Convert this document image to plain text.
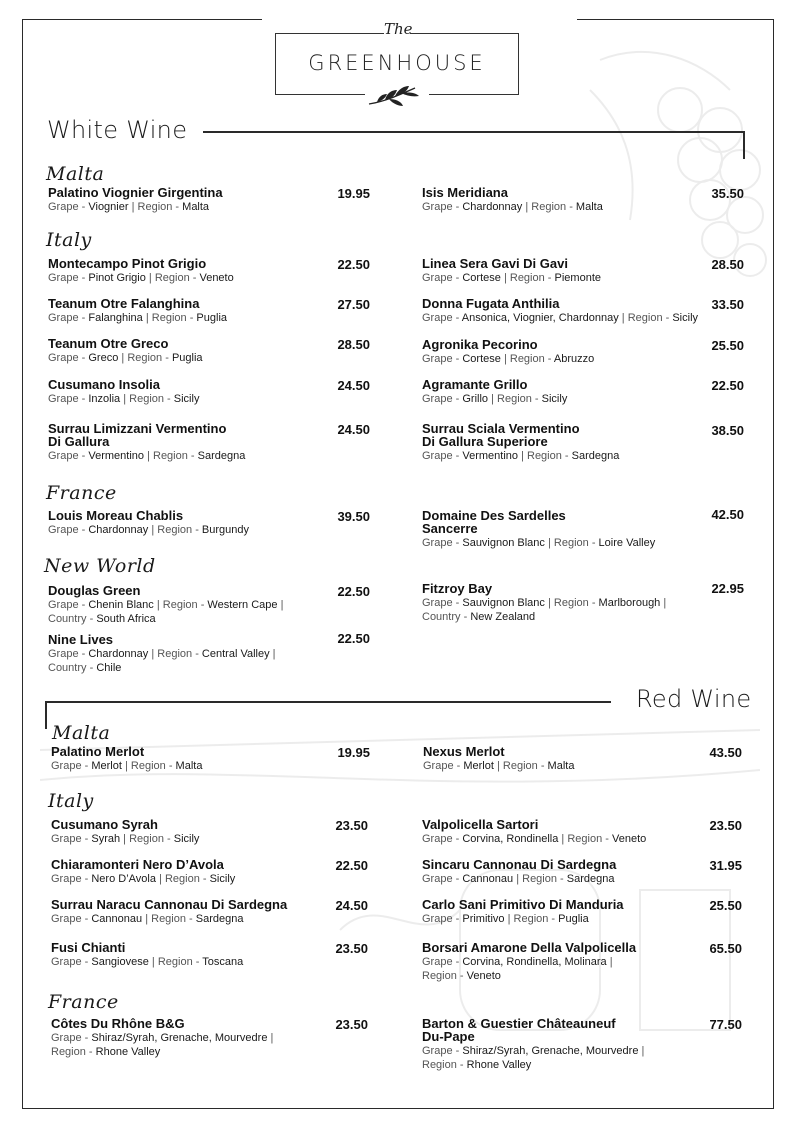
The
GREENHOUSE
White Wine
Malta
Palatino Viognier Girgentina
Grape - Viognier | Region - Malta
19.95	Isis Meridiana
Grape - Chardonnay | Region - Malta
35.50
Italy
Montecampo Pinot Grigio
Grape - Pinot Grigio | Region - Veneto
22.50	Linea Sera Gavi Di Gavi
Grape - Cortese | Region - Piemonte
28.50
Teanum Otre Falanghina
Grape - Falanghina | Region - Puglia
27.50	Donna Fugata Anthilia
Grape - Ansonica, Viognier, Chardonnay | Region - Sicily
33.50
Teanum Otre Greco
Grape - Greco | Region - Puglia
28.50	Agronika Pecorino
Grape - Cortese | Region - Abruzzo
25.50
Cusumano Insolia
Grape - Inzolia | Region - Sicily
24.50	Agramante Grillo
Grape - Grillo | Region - Sicily
22.50
Surrau Limizzani Vermentino
Di Gallura
Grape - Vermentino | Region - Sardegna
24.50	Surrau Sciala Vermentino
Di Gallura Superiore
Grape - Vermentino | Region - Sardegna
38.50
France
Louis Moreau Chablis
Grape - Chardonnay | Region - Burgundy
39.50	Domaine Des Sardelles
Sancerre
Grape - Sauvignon Blanc | Region - Loire Valley
42.50
New World
Douglas Green
Grape - Chenin Blanc | Region - Western Cape |
Country - South Africa
22.50	Fitzroy Bay
Grape - Sauvignon Blanc | Region - Marlborough |
Country - New Zealand
22.95
Nine Lives
Grape - Chardonnay | Region - Central Valley |
Country - Chile
22.50
Red Wine
Malta
Palatino Merlot
Grape - Merlot | Region - Malta
19.95	Nexus Merlot
Grape - Merlot | Region - Malta
43.50
Italy
Cusumano Syrah
Grape - Syrah | Region - Sicily
23.50	Valpolicella Sartori
Grape - Corvina, Rondinella | Region - Veneto
23.50
Chiaramonteri Nero D’Avola
Grape - Nero D’Avola | Region - Sicily
22.50	Sincaru Cannonau Di Sardegna
Grape - Cannonau | Region - Sardegna
31.95
Surrau Naracu Cannonau Di Sardegna
Grape - Cannonau | Region - Sardegna
24.50	Carlo Sani Primitivo Di Manduria
Grape - Primitivo | Region - Puglia
25.50
Fusi Chianti
Grape - Sangiovese | Region - Toscana
23.50	Borsari Amarone Della Valpolicella
Grape - Corvina, Rondinella, Molinara |
Region - Veneto
65.50
France
Côtes Du Rhône B&G
Grape - Shiraz/Syrah, Grenache, Mourvedre |
Region - Rhone Valley
23.50	Barton & Guestier Châteauneuf
Du-Pape
Grape - Shiraz/Syrah, Grenache, Mourvedre |
Region - Rhone Valley
77.50
